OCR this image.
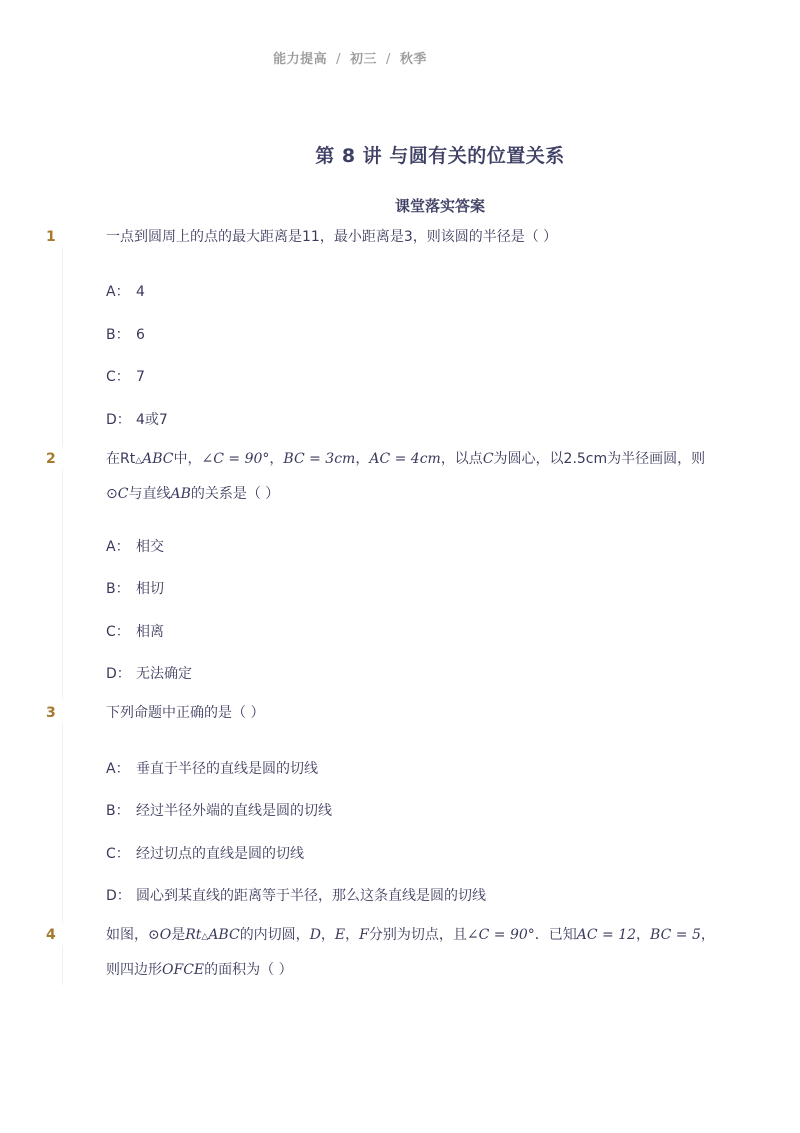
能力提高 / 初三 / 秋季
第 8 讲 与圆有关的位置关系
课堂落实答案
1	一点到圆周上的点的最大距离是11，最小距离是3，则该圆的半径是（ ）
A： 4
B： 6
C： 7
D： 4或7
2	在Rt△ABC中，∠C = 90°，BC = 3cm，AC = 4cm，以点C为圆心，以2.5cm为半径画圆，则⊙C与直线AB的关系是（ ）
A： 相交
B： 相切
C： 相离
D： 无法确定
3	下列命题中正确的是（ ）
A： 垂直于半径的直线是圆的切线
B： 经过半径外端的直线是圆的切线
C： 经过切点的直线是圆的切线
D： 圆心到某直线的距离等于半径，那么这条直线是圆的切线
4	如图，⊙O是Rt△ABC的内切圆，D，E，F分别为切点，且∠C = 90°．已知AC = 12，BC = 5，则四边形OFCE的面积为（ ）
